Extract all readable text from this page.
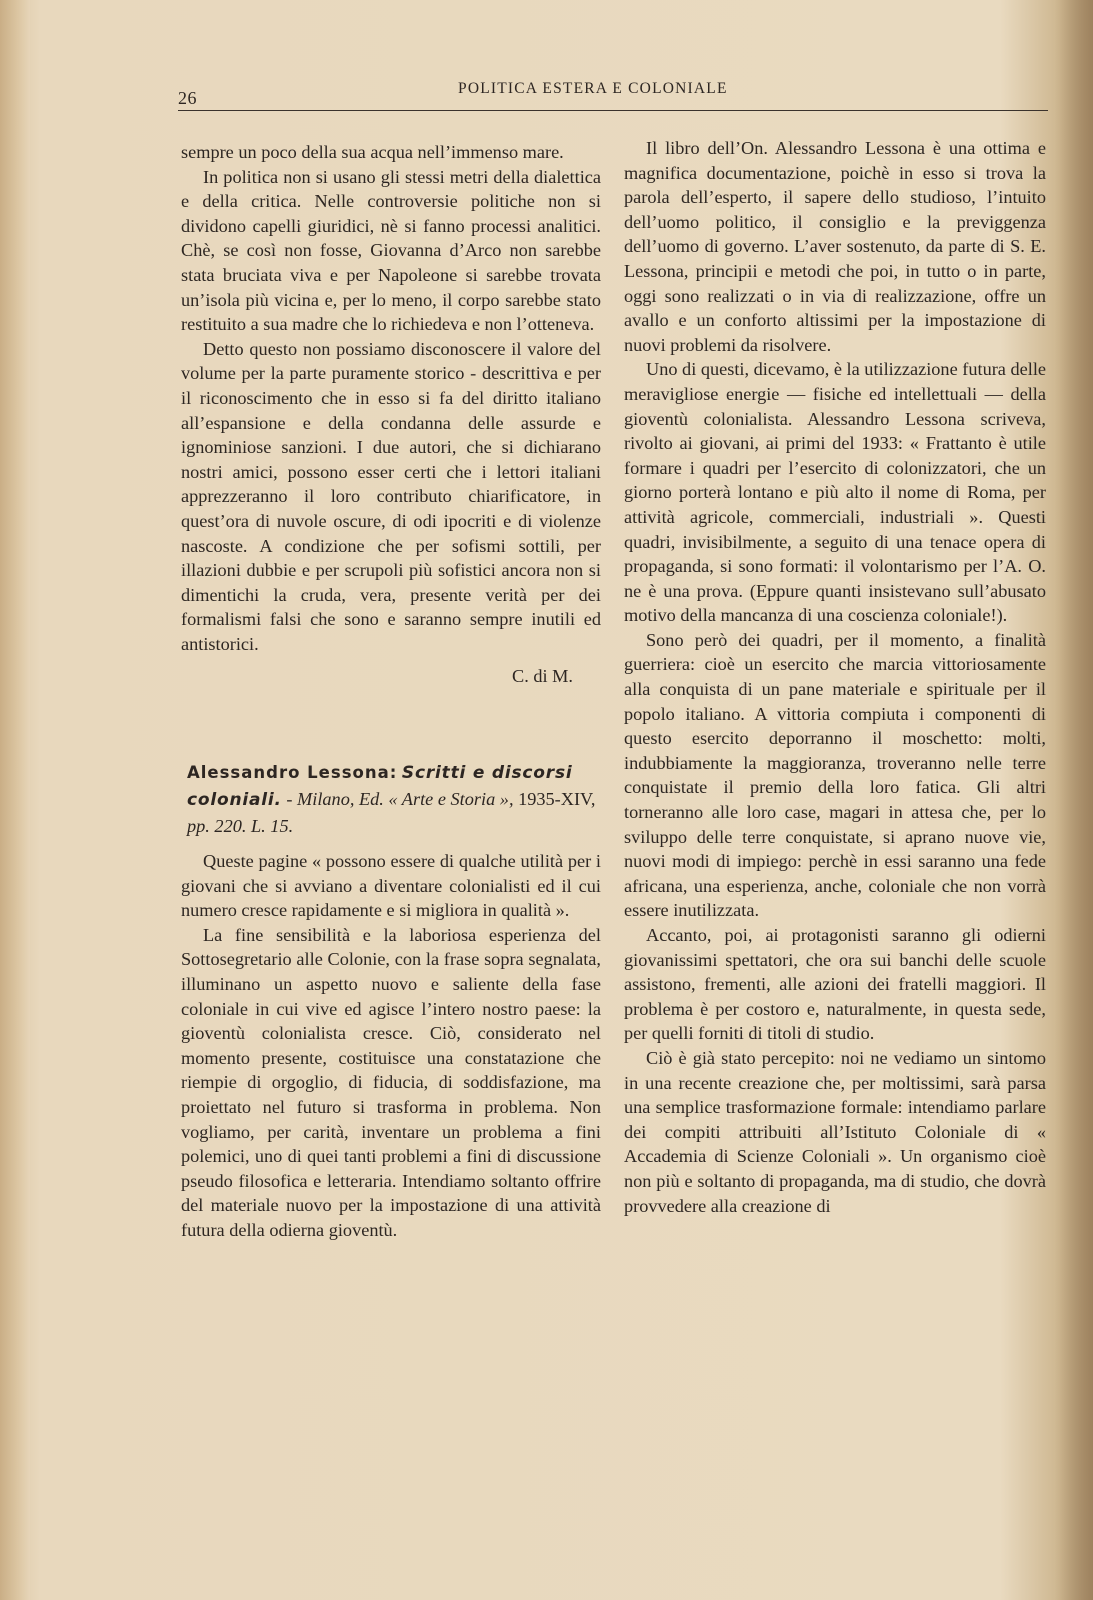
26	POLITICA ESTERA E COLONIALE

sempre un poco della sua acqua nell’immenso mare.

In politica non si usano gli stessi metri della dialettica e della critica. Nelle controversie politiche non si dividono capelli giuridici, nè si fanno processi analitici. Chè, se così non fosse, Giovanna d’Arco non sarebbe stata bruciata viva e per Napoleone si sarebbe trovata un’isola più vicina e, per lo meno, il corpo sarebbe stato restituito a sua madre che lo richiedeva e non l’otteneva.

Detto questo non possiamo disconoscere il valore del volume per la parte puramente storico - descrittiva e per il riconoscimento che in esso si fa del diritto italiano all’espansione e della condanna delle assurde e ignominiose sanzioni. I due autori, che si dichiarano nostri amici, possono esser certi che i lettori italiani apprezzeranno il loro contributo chiarificatore, in quest’ora di nuvole oscure, di odi ipocriti e di violenze nascoste. A condizione che per sofismi sottili, per illazioni dubbie e per scrupoli più sofistici ancora non si dimentichi la cruda, vera, presente verità per dei formalismi falsi che sono e saranno sempre inutili ed antistorici.

C. di M.
Alessandro Lessona: Scritti e discorsi coloniali. - Milano, Ed. « Arte e Storia », 1935-XIV, pp. 220. L. 15.

Queste pagine « possono essere di qualche utilità per i giovani che si avviano a diventare colonialisti ed il cui numero cresce rapidamente e si migliora in qualità ».

La fine sensibilità e la laboriosa esperienza del Sottosegretario alle Colonie, con la frase sopra segnalata, illuminano un aspetto nuovo e saliente della fase coloniale in cui vive ed agisce l’intero nostro paese: la gioventù colonialista cresce. Ciò, considerato nel momento presente, costituisce una constatazione che riempie di orgoglio, di fiducia, di soddisfazione, ma proiettato nel futuro si trasforma in problema. Non vogliamo, per carità, inventare un problema a fini polemici, uno di quei tanti problemi a fini di discussione pseudo filosofica e letteraria. Intendiamo soltanto offrire del materiale nuovo per la impostazione di una attività futura della odierna gioventù.

Il libro dell’On. Alessandro Lessona è una ottima e magnifica documentazione, poichè in esso si trova la parola dell’esperto, il sapere dello studioso, l’intuito dell’uomo politico, il consiglio e la previggenza dell’uomo di governo. L’aver sostenuto, da parte di S. E. Lessona, principii e metodi che poi, in tutto o in parte, oggi sono realizzati o in via di realizzazione, offre un avallo e un conforto altissimi per la impostazione di nuovi problemi da risolvere.

Uno di questi, dicevamo, è la utilizzazione futura delle meravigliose energie — fisiche ed intellettuali — della gioventù colonialista. Alessandro Lessona scriveva, rivolto ai giovani, ai primi del 1933: « Frattanto è utile formare i quadri per l’esercito di colonizzatori, che un giorno porterà lontano e più alto il nome di Roma, per attività agricole, commerciali, industriali ». Questi quadri, invisibilmente, a seguito di una tenace opera di propaganda, si sono formati: il volontarismo per l’A. O. ne è una prova. (Eppure quanti insistevano sull’abusato motivo della mancanza di una coscienza coloniale!).

Sono però dei quadri, per il momento, a finalità guerriera: cioè un esercito che marcia vittoriosamente alla conquista di un pane materiale e spirituale per il popolo italiano. A vittoria compiuta i componenti di questo esercito deporranno il moschetto: molti, indubbiamente la maggioranza, troveranno nelle terre conquistate il premio della loro fatica. Gli altri torneranno alle loro case, magari in attesa che, per lo sviluppo delle terre conquistate, si aprano nuove vie, nuovi modi di impiego: perchè in essi saranno una fede africana, una esperienza, anche, coloniale che non vorrà essere inutilizzata.

Accanto, poi, ai protagonisti saranno gli odierni giovanissimi spettatori, che ora sui banchi delle scuole assistono, frementi, alle azioni dei fratelli maggiori. Il problema è per costoro e, naturalmente, in questa sede, per quelli forniti di titoli di studio.

Ciò è già stato percepito: noi ne vediamo un sintomo in una recente creazione che, per moltissimi, sarà parsa una semplice trasformazione formale: intendiamo parlare dei compiti attribuiti all’Istituto Coloniale di « Accademia di Scienze Coloniali ». Un organismo cioè non più e soltanto di propaganda, ma di studio, che dovrà provvedere alla creazione di
